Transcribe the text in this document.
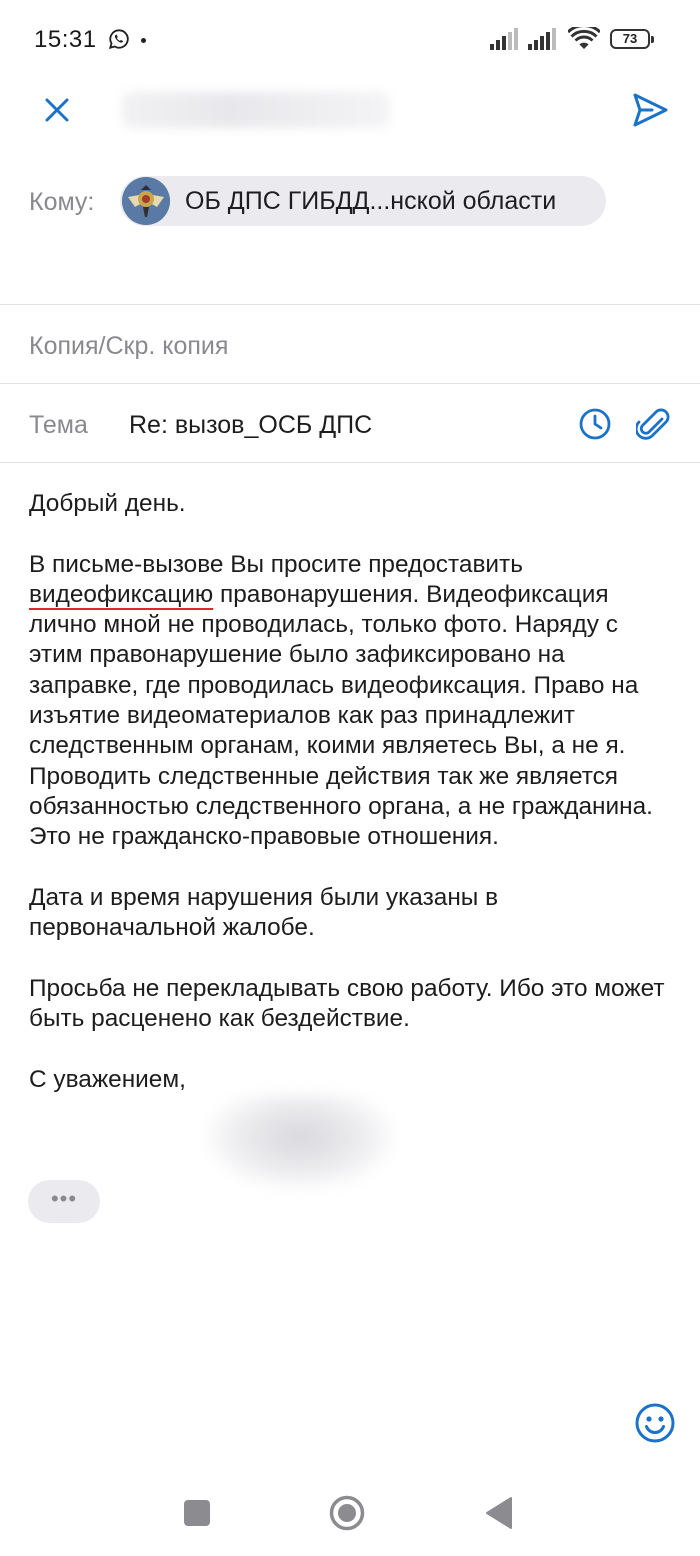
15:31	73
Кому:	ОБ ДПС ГИБДД...нской области
Копия/Скр. копия
Тема Re: вызов_ОСБ ДПС

Добрый день.

В письме-вызове Вы просите предоставить видеофиксацию правонарушения. Видеофиксация лично мной не проводилась, только фото. Наряду с этим правонарушение было зафиксировано на заправке, где проводилась видеофиксация. Право на изъятие видеоматериалов как раз принадлежит следственным органам, коими являетесь Вы, а не я. Проводить следственные действия так же является обязанностью следственного органа, а не гражданина. Это не гражданско-правовые отношения.

Дата и время нарушения были указаны в первоначальной жалобе.

Просьба не перекладывать свою работу. Ибо это может быть расценено как бездействие.

С уважением,

•••
